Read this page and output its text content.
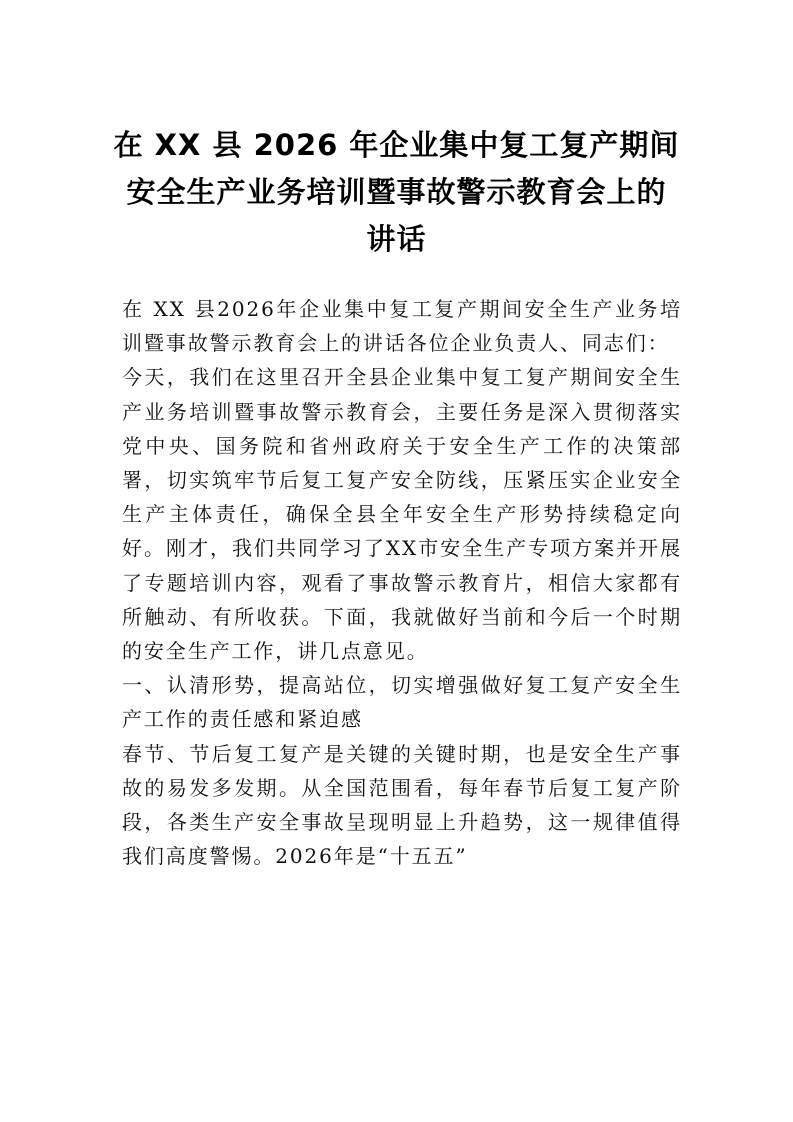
在 XX 县 2026 年企业集中复工复产期间
安全生产业务培训暨事故警示教育会上的
讲话

在 XX 县2026年企业集中复工复产期间安全生产业务培训暨事故警示教育会上的讲话各位企业负责人、同志们：

今天，我们在这里召开全县企业集中复工复产期间安全生产业务培训暨事故警示教育会，主要任务是深入贯彻落实党中央、国务院和省州政府关于安全生产工作的决策部署，切实筑牢节后复工复产安全防线，压紧压实企业安全生产主体责任，确保全县全年安全生产形势持续稳定向好。刚才，我们共同学习了XX市安全生产专项方案并开展了专题培训内容，观看了事故警示教育片，相信大家都有所触动、有所收获。下面，我就做好当前和今后一个时期的安全生产工作，讲几点意见。

一、认清形势，提高站位，切实增强做好复工复产安全生产工作的责任感和紧迫感

春节、节后复工复产是关键的关键时期，也是安全生产事故的易发多发期。从全国范围看，每年春节后复工复产阶段，各类生产安全事故呈现明显上升趋势，这一规律值得我们高度警惕。2026年是“十五五”
